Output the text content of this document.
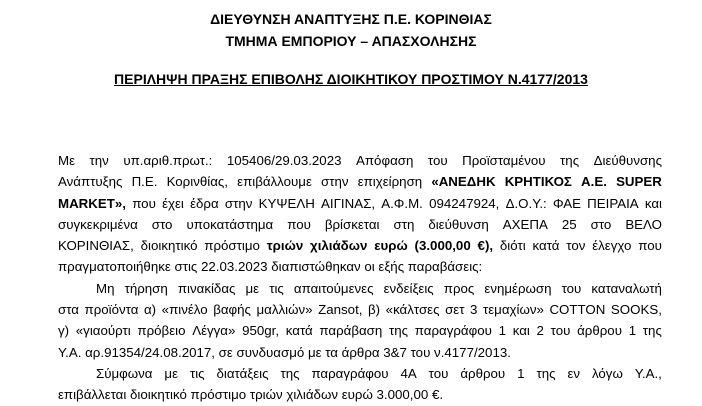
ΔΙΕΥΘΥΝΣΗ ΑΝΑΠΤΥΞΗΣ Π.Ε. ΚΟΡΙΝΘΙΑΣ
ΤΜΗΜΑ ΕΜΠΟΡΙΟΥ – ΑΠΑΣΧΟΛΗΣΗΣ
ΠΕΡΙΛΗΨΗ ΠΡΑΞΗΣ ΕΠΙΒΟΛΗΣ ΔΙΟΙΚΗΤΙΚΟΥ ΠΡΟΣΤΙΜΟΥ Ν.4177/2013
Με την υπ.αριθ.πρωτ.: 105406/29.03.2023 Απόφαση του Προϊσταμένου της Διεύθυνσης
Ανάπτυξης Π.Ε. Κορινθίας, επιβάλλουμε στην επιχείρηση «ΑΝΕΔΗΚ ΚΡΗΤΙΚΟΣ Α.Ε. SUPER
MARKET», που έχει έδρα στην ΚΥΨΕΛΗ ΑΙΓΙΝΑΣ, Α.Φ.Μ. 094247924, Δ.Ο.Υ.: ΦΑΕ ΠΕΙΡΑΙΑ και
συγκεκριμένα στο υποκατάστημα που βρίσκεται στη διεύθυνση ΑΧΕΠΑ 25 στο ΒΕΛΟ
ΚΟΡΙΝΘΙΑΣ, διοικητικό πρόστιμο τριών χιλιάδων ευρώ (3.000,00 €), διότι κατά τον έλεγχο που
πραγματοποιήθηκε στις 22.03.2023 διαπιστώθηκαν οι εξής παραβάσεις:
Μη τήρηση πινακίδας με τις απαιτούμενες ενδείξεις προς ενημέρωση του καταναλωτή
στα προϊόντα α) «πινέλο βαφής μαλλιών» Zansot, β) «κάλτσες σετ 3 τεμαχίων» COTTON SOOKS,
γ) «γιαούρτι πρόβειο Λέγγα» 950gr, κατά παράβαση της παραγράφου 1 και 2 του άρθρου 1 της
Υ.Α. αρ.91354/24.08.2017, σε συνδυασμό με τα άρθρα 3&7 του ν.4177/2013.
Σύμφωνα με τις διατάξεις της παραγράφου 4Α του άρθρου 1 της εν λόγω Υ.Α.,
επιβάλλεται διοικητικό πρόστιμο τριών χιλιάδων ευρώ 3.000,00 €.
